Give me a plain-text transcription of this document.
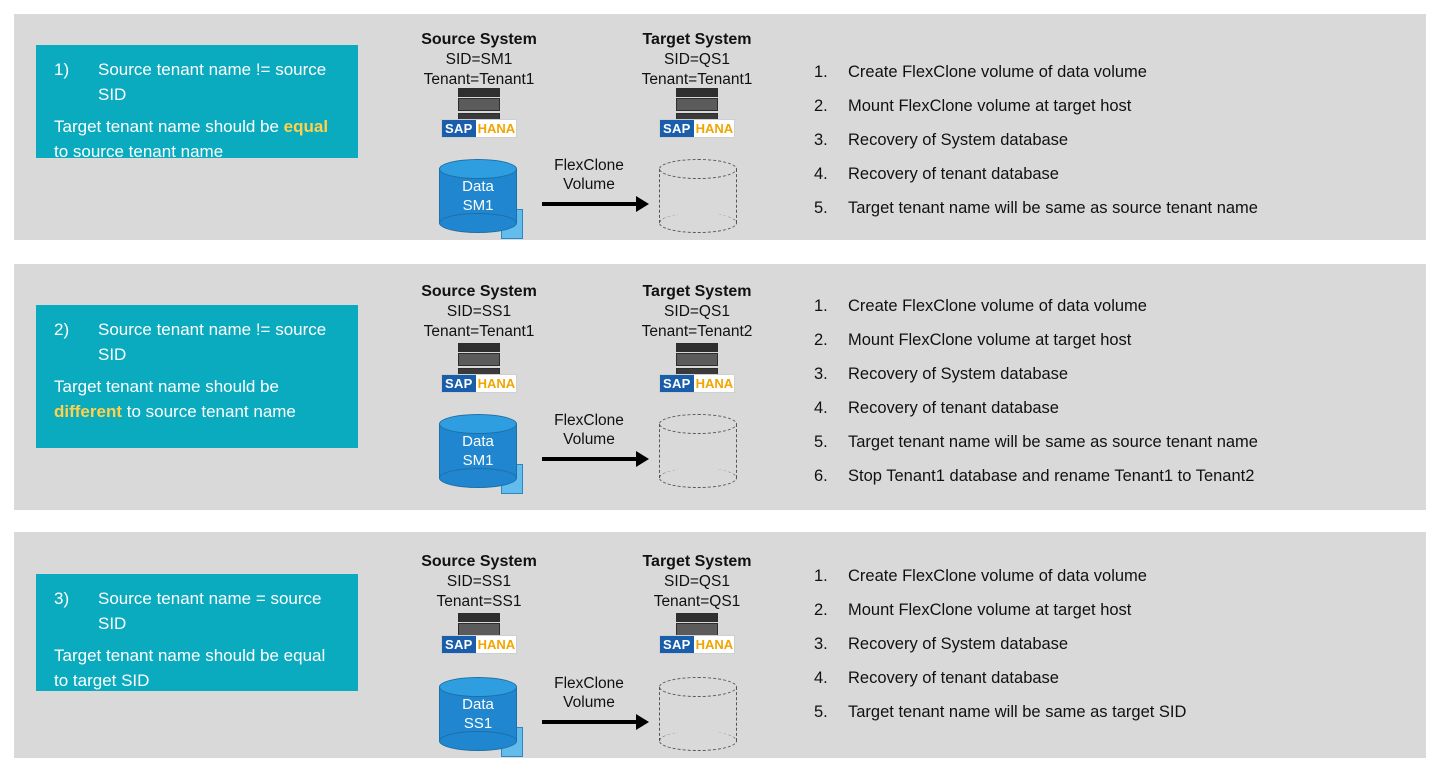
1)	Source tenant name != source SID
Target tenant name should be equal to source tenant name
Source System
SID=SM1
Tenant=Tenant1
Target System
SID=QS1
Tenant=Tenant1
SAP HANA	SAP HANA
Data
SM1
FlexClone
Volume
1.	Create FlexClone volume of data volume
2.	Mount FlexClone volume at target host
3.	Recovery of System database
4.	Recovery of tenant database
5.	Target tenant name will be same as source tenant name
2)	Source tenant name != source SID
Target tenant name should be different to source tenant name
Source System
SID=SS1
Tenant=Tenant1
Target System
SID=QS1
Tenant=Tenant2
SAP HANA	SAP HANA
Data
SM1
FlexClone
Volume
1.	Create FlexClone volume of data volume
2.	Mount FlexClone volume at target host
3.	Recovery of System database
4.	Recovery of tenant database
5.	Target tenant name will be same as source tenant name
6.	Stop Tenant1 database and rename Tenant1 to Tenant2
3)	Source tenant name = source SID
Target tenant name should be equal to target SID
Source System
SID=SS1
Tenant=SS1
Target System
SID=QS1
Tenant=QS1
SAP HANA	SAP HANA
Data
SS1
FlexClone
Volume
1.	Create FlexClone volume of data volume
2.	Mount FlexClone volume at target host
3.	Recovery of System database
4.	Recovery of tenant database
5.	Target tenant name will be same as target SID
